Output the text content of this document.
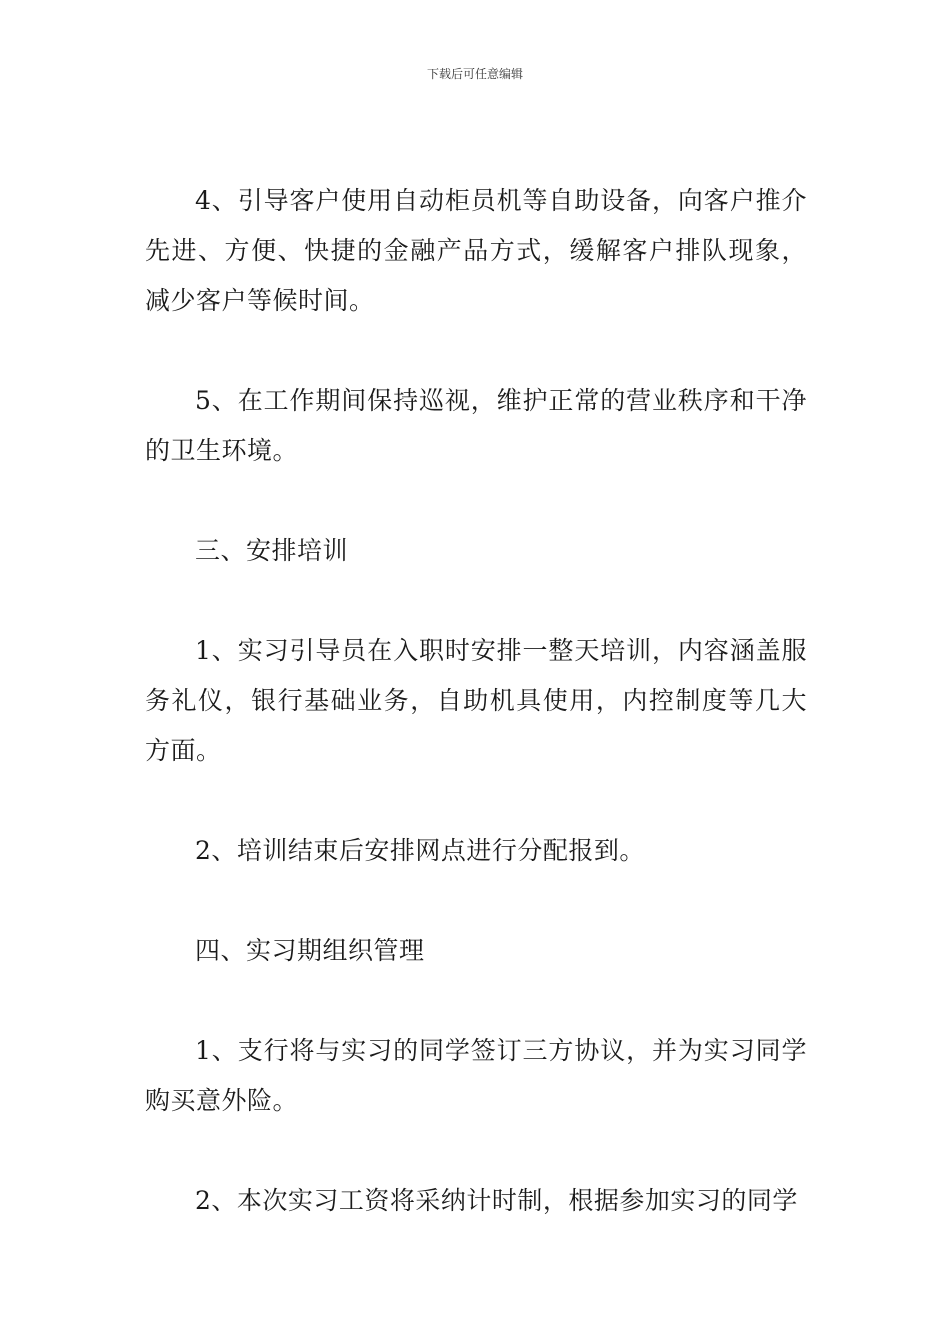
下载后可任意编辑

4、引导客户使用自动柜员机等自助设备，向客户推介先进、方便、快捷的金融产品方式，缓解客户排队现象，减少客户等候时间。

5、在工作期间保持巡视，维护正常的营业秩序和干净的卫生环境。

三、安排培训

1、实习引导员在入职时安排一整天培训，内容涵盖服务礼仪，银行基础业务，自助机具使用，内控制度等几大方面。

2、培训结束后安排网点进行分配报到。

四、实习期组织管理

1、支行将与实习的同学签订三方协议，并为实习同学购买意外险。

2、本次实习工资将采纳计时制，根据参加实习的同学
